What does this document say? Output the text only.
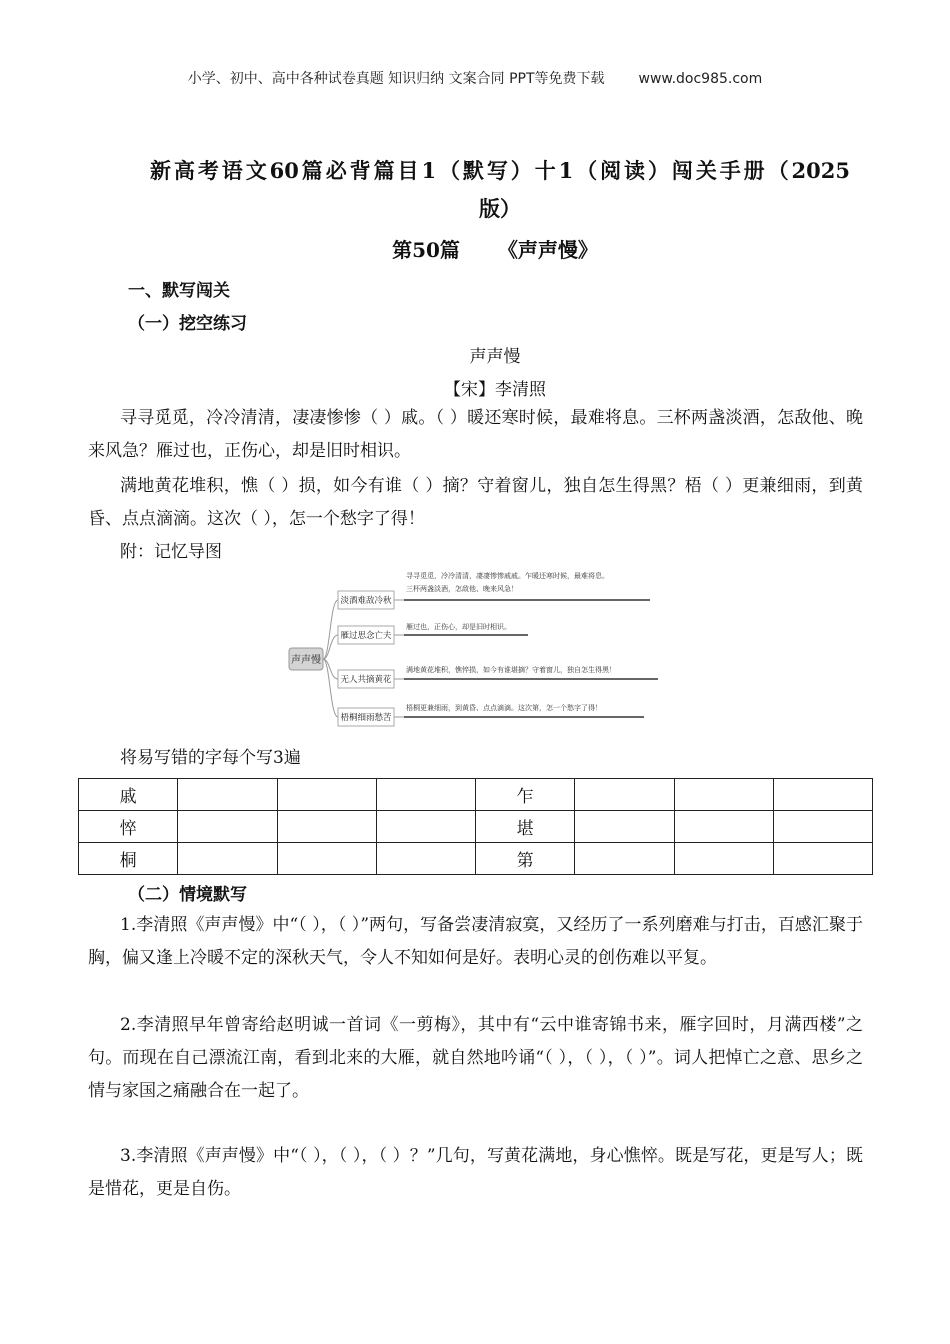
小学、初中、高中各种试卷真题 知识归纳 文案合同 PPT等免费下载 www.doc985.com
新高考语文60篇必背篇目1（默写）十1（阅读）闯关手册（2025
版）
第50篇 《声声慢》
一、默写闯关
（一）挖空练习
声声慢
【宋】李清照
寻寻觅觅，冷冷清清，凄凄惨惨（ ）戚。（ ）暖还寒时候，最难将息。三杯两盏淡酒，怎敌他、晚来风急？雁过也，正伤心，却是旧时相识。
满地黄花堆积，憔（ ）损，如今有谁（ ）摘？守着窗儿，独自怎生得黑？梧（ ）更兼细雨，到黄昏、点点滴滴。这次（ ），怎一个愁字了得！
附：记忆导图
声声慢
淡酒难敌冷秋
寻寻觅觅，冷冷清清，凄凄惨惨戚戚。乍暖还寒时候，最难将息。
三杯两盏淡酒，怎敌他、晚来风急！
雁过思念亡夫
雁过也，正伤心，却是旧时相识。
无人共摘黄花
满地黄花堆积，憔悴损，如今有谁堪摘？守着窗儿，独自怎生得黑！
梧桐细雨愁苦
梧桐更兼细雨，到黄昏、点点滴滴。这次第，怎一个愁字了得！
将易写错的字每个写3遍
戚				乍			
悴				堪			
桐				第			
（二）情境默写
1.李清照《声声慢》中“（ ），（ ）”两句，写备尝凄清寂寞，又经历了一系列磨难与打击，百感汇聚于胸，偏又逢上冷暖不定的深秋天气，令人不知如何是好。表明心灵的创伤难以平复。
2.李清照早年曾寄给赵明诚一首词《一剪梅》，其中有“云中谁寄锦书来，雁字回时，月满西楼”之句。而现在自己漂流江南，看到北来的大雁，就自然地吟诵“（ ），（ ），（ ）”。词人把悼亡之意、思乡之情与家国之痛融合在一起了。
3.李清照《声声慢》中“（ ），（ ），（ ）？”几句，写黄花满地，身心憔悴。既是写花，更是写人；既是惜花，更是自伤。
